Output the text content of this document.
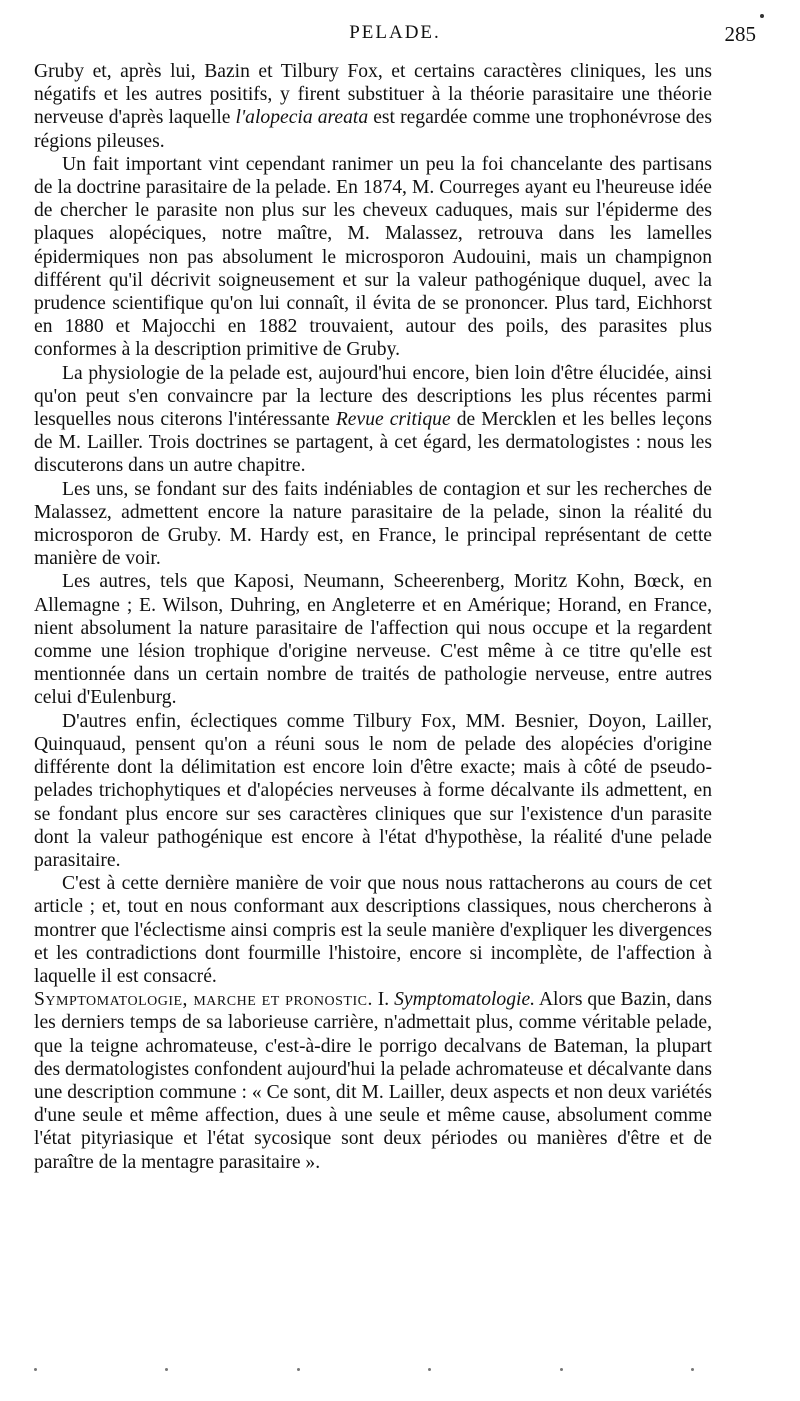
PELADE.	285

Gruby et, après lui, Bazin et Tilbury Fox, et certains caractères cliniques, les uns négatifs et les autres positifs, y firent substituer à la théorie parasitaire une théorie nerveuse d'après laquelle l'alopecia areata est regardée comme une trophonévrose des régions pileuses.

Un fait important vint cependant ranimer un peu la foi chancelante des partisans de la doctrine parasitaire de la pelade. En 1874, M. Courreges ayant eu l'heureuse idée de chercher le parasite non plus sur les cheveux caduques, mais sur l'épiderme des plaques alopéciques, notre maître, M. Malassez, retrouva dans les lamelles épidermiques non pas absolument le microsporon Audouini, mais un champignon différent qu'il décrivit soigneusement et sur la valeur pathogénique duquel, avec la prudence scientifique qu'on lui connaît, il évita de se prononcer. Plus tard, Eichhorst en 1880 et Majocchi en 1882 trouvaient, autour des poils, des parasites plus conformes à la description primitive de Gruby.

La physiologie de la pelade est, aujourd'hui encore, bien loin d'être élucidée, ainsi qu'on peut s'en convaincre par la lecture des descriptions les plus récentes parmi lesquelles nous citerons l'intéressante Revue critique de Mercklen et les belles leçons de M. Lailler. Trois doctrines se partagent, à cet égard, les dermatologistes : nous les discuterons dans un autre chapitre.

Les uns, se fondant sur des faits indéniables de contagion et sur les recherches de Malassez, admettent encore la nature parasitaire de la pelade, sinon la réalité du microsporon de Gruby. M. Hardy est, en France, le principal représentant de cette manière de voir.

Les autres, tels que Kaposi, Neumann, Scheerenberg, Moritz Kohn, Bœck, en Allemagne ; E. Wilson, Duhring, en Angleterre et en Amérique; Horand, en France, nient absolument la nature parasitaire de l'affection qui nous occupe et la regardent comme une lésion trophique d'origine nerveuse. C'est même à ce titre qu'elle est mentionnée dans un certain nombre de traités de pathologie nerveuse, entre autres celui d'Eulenburg.

D'autres enfin, éclectiques comme Tilbury Fox, MM. Besnier, Doyon, Lailler, Quinquaud, pensent qu'on a réuni sous le nom de pelade des alopécies d'origine différente dont la délimitation est encore loin d'être exacte; mais à côté de pseudo-pelades trichophytiques et d'alopécies nerveuses à forme décalvante ils admettent, en se fondant plus encore sur ses caractères cliniques que sur l'existence d'un parasite dont la valeur pathogénique est encore à l'état d'hypothèse, la réalité d'une pelade parasitaire.

C'est à cette dernière manière de voir que nous nous rattacherons au cours de cet article ; et, tout en nous conformant aux descriptions classiques, nous chercherons à montrer que l'éclectisme ainsi compris est la seule manière d'expliquer les divergences et les contradictions dont fourmille l'histoire, encore si incomplète, de l'affection à laquelle il est consacré.

Symptomatologie, marche et pronostic. I. Symptomatologie. Alors que Bazin, dans les derniers temps de sa laborieuse carrière, n'admettait plus, comme véritable pelade, que la teigne achromateuse, c'est-à-dire le porrigo decalvans de Bateman, la plupart des dermatologistes confondent aujourd'hui la pelade achromateuse et décalvante dans une description commune : « Ce sont, dit M. Lailler, deux aspects et non deux variétés d'une seule et même affection, dues à une seule et même cause, absolument comme l'état pityriasique et l'état sycosique sont deux périodes ou manières d'être et de paraître de la mentagre parasitaire ».
